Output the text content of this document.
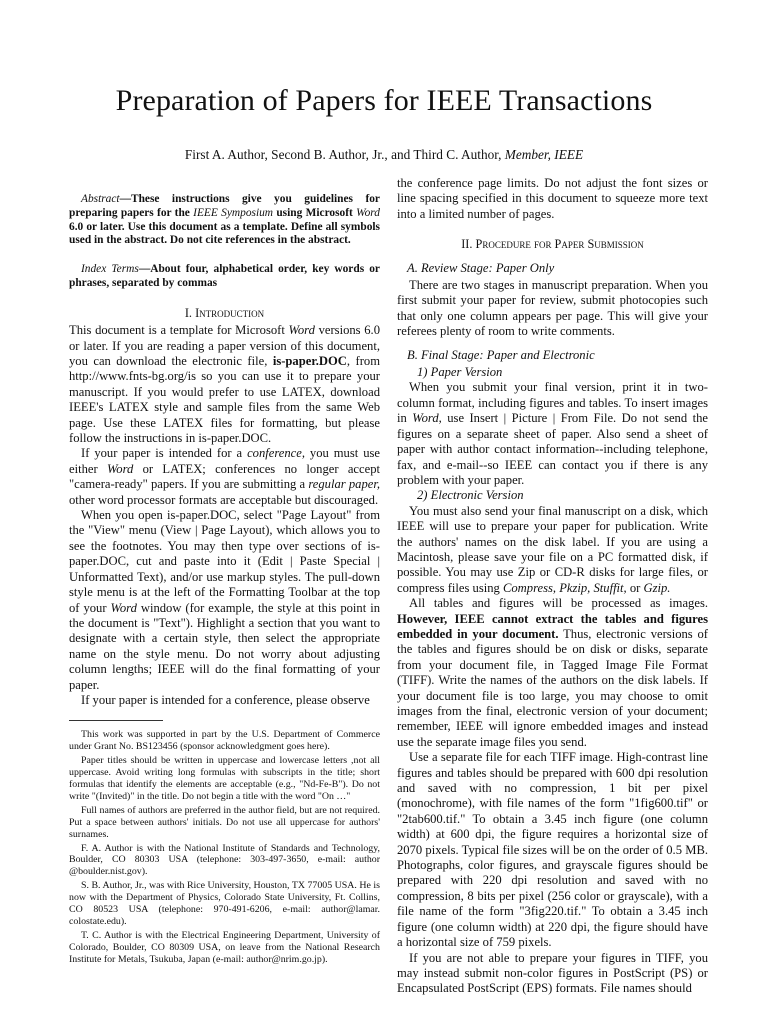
Preparation of Papers for IEEE Transactions
First A. Author, Second B. Author, Jr., and Third C. Author, Member, IEEE

Abstract—These instructions give you guidelines for preparing papers for the IEEE Symposium using Microsoft Word 6.0 or later. Use this document as a template. Define all symbols used in the abstract. Do not cite references in the abstract.

Index Terms—About four, alphabetical order, key words or phrases, separated by commas

I. Introduction

This document is a template for Microsoft Word versions 6.0 or later. If you are reading a paper version of this document, you can download the electronic file, is-paper.DOC, from http://www.fnts-bg.org/is so you can use it to prepare your manuscript. If you would prefer to use LATEX, download IEEE's LATEX style and sample files from the same Web page. Use these LATEX files for formatting, but please follow the instructions in is-paper.DOC.

If your paper is intended for a conference, you must use either Word or LATEX; conferences no longer accept "camera-ready" papers. If you are submitting a regular paper, other word processor formats are acceptable but discouraged.

When you open is-paper.DOC, select "Page Layout" from the "View" menu (View | Page Layout), which allows you to see the footnotes. You may then type over sections of is-paper.DOC, cut and paste into it (Edit | Paste Special | Unformatted Text), and/or use markup styles. The pull-down style menu is at the left of the Formatting Toolbar at the top of your Word window (for example, the style at this point in the document is "Text"). Highlight a section that you want to designate with a certain style, then select the appropriate name on the style menu. Do not worry about adjusting column lengths; IEEE will do the final formatting of your paper.

If your paper is intended for a conference, please observe

This work was supported in part by the U.S. Department of Commerce under Grant No. BS123456 (sponsor acknowledgment goes here).

Paper titles should be written in uppercase and lowercase letters ,not all uppercase. Avoid writing long formulas with subscripts in the title; short formulas that identify the elements are acceptable (e.g., "Nd-Fe-B"). Do not write "(Invited)" in the title. Do not begin a title with the word "On …"

Full names of authors are preferred in the author field, but are not required. Put a space between authors' initials. Do not use all uppercase for authors' surnames.

F. A. Author is with the National Institute of Standards and Technology, Boulder, CO 80303 USA (telephone: 303-497-3650, e-mail: author @boulder.nist.gov).

S. B. Author, Jr., was with Rice University, Houston, TX 77005 USA. He is now with the Department of Physics, Colorado State University, Ft. Collins, CO 80523 USA (telephone: 970-491-6206, e-mail: author@lamar. colostate.edu).

T. C. Author is with the Electrical Engineering Department, University of Colorado, Boulder, CO 80309 USA, on leave from the National Research Institute for Metals, Tsukuba, Japan (e-mail: author@nrim.go.jp).

the conference page limits. Do not adjust the font sizes or line spacing specified in this document to squeeze more text into a limited number of pages.

II. Procedure for Paper Submission
A. Review Stage: Paper Only

There are two stages in manuscript preparation. When you first submit your paper for review, submit photocopies such that only one column appears per page. This will give your referees plenty of room to write comments.

B. Final Stage: Paper and Electronic
1) Paper Version

When you submit your final version, print it in two-column format, including figures and tables. To insert images in Word, use Insert | Picture | From File. Do not send the figures on a separate sheet of paper. Also send a sheet of paper with author contact information--including telephone, fax, and e-mail--so IEEE can contact you if there is any problem with your paper.

2) Electronic Version

You must also send your final manuscript on a disk, which IEEE will use to prepare your paper for publication. Write the authors' names on the disk label. If you are using a Macintosh, please save your file on a PC formatted disk, if possible. You may use Zip or CD-R disks for large files, or compress files using Compress, Pkzip, Stuffit, or Gzip.

All tables and figures will be processed as images. However, IEEE cannot extract the tables and figures embedded in your document. Thus, electronic versions of the tables and figures should be on disk or disks, separate from your document file, in Tagged Image File Format (TIFF). Write the names of the authors on the disk labels. If your document file is too large, you may choose to omit images from the final, electronic version of your document; remember, IEEE will ignore embedded images and instead use the separate image files you send.

Use a separate file for each TIFF image. High-contrast line figures and tables should be prepared with 600 dpi resolution and saved with no compression, 1 bit per pixel (monochrome), with file names of the form "1fig600.tif" or "2tab600.tif." To obtain a 3.45 inch figure (one column width) at 600 dpi, the figure requires a horizontal size of 2070 pixels. Typical file sizes will be on the order of 0.5 MB. Photographs, color figures, and grayscale figures should be prepared with 220 dpi resolution and saved with no compression, 8 bits per pixel (256 color or grayscale), with a file name of the form "3fig220.tif." To obtain a 3.45 inch figure (one column width) at 220 dpi, the figure should have a horizontal size of 759 pixels.

If you are not able to prepare your figures in TIFF, you may instead submit non-color figures in PostScript (PS) or Encapsulated PostScript (EPS) formats. File names should
